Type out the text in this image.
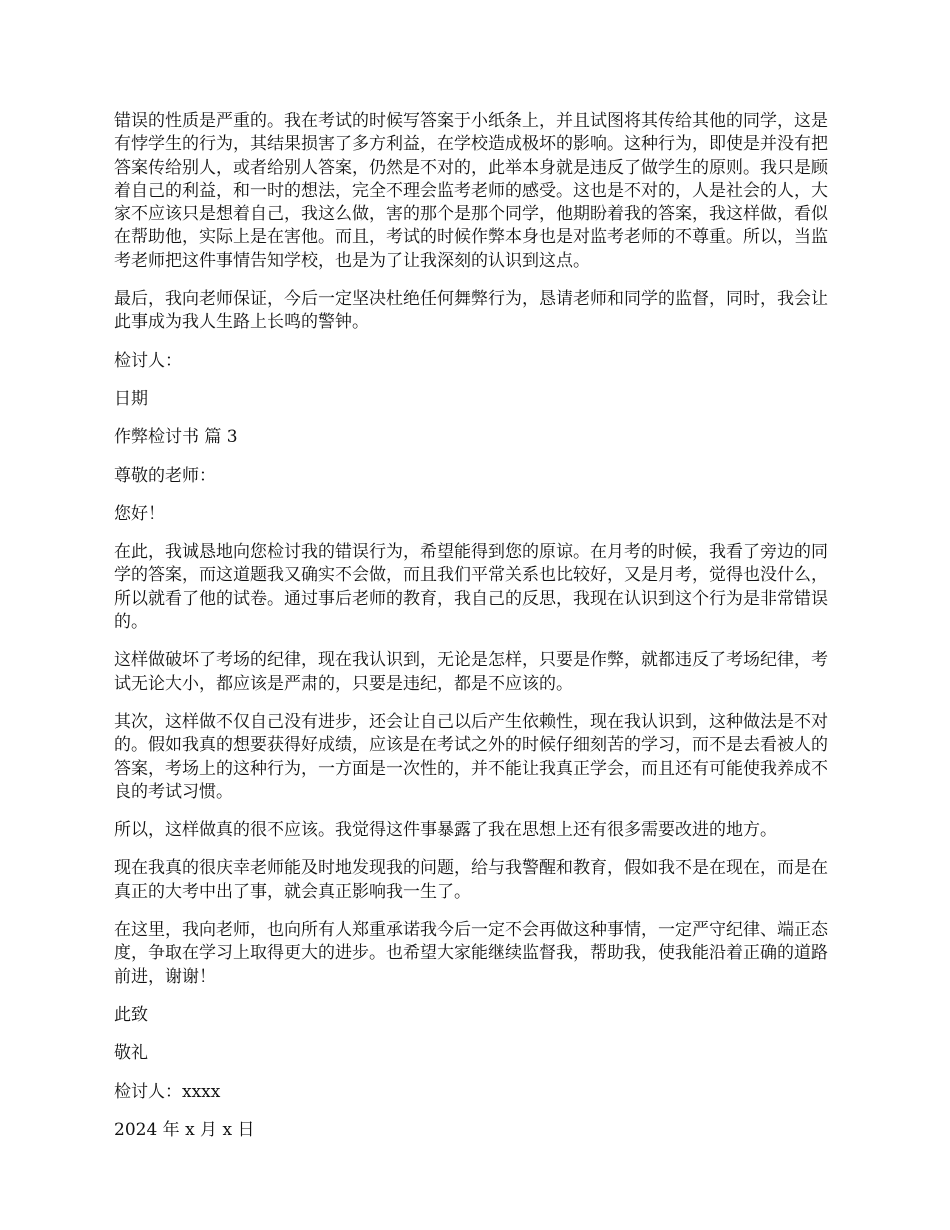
错误的性质是严重的。我在考试的时候写答案于小纸条上，并且试图将其传给其他的同学，这是有悖学生的行为，其结果损害了多方利益，在学校造成极坏的影响。这种行为，即使是并没有把答案传给别人，或者给别人答案，仍然是不对的，此举本身就是违反了做学生的原则。我只是顾着自己的利益，和一时的想法，完全不理会监考老师的感受。这也是不对的，人是社会的人，大家不应该只是想着自己，我这么做，害的那个是那个同学，他期盼着我的答案，我这样做，看似在帮助他，实际上是在害他。而且，考试的时候作弊本身也是对监考老师的不尊重。所以，当监考老师把这件事情告知学校，也是为了让我深刻的认识到这点。

最后，我向老师保证，今后一定坚决杜绝任何舞弊行为，恳请老师和同学的监督，同时，我会让此事成为我人生路上长鸣的警钟。

检讨人：

日期

作弊检讨书 篇 3

尊敬的老师：

您好！

在此，我诚恳地向您检讨我的错误行为，希望能得到您的原谅。在月考的时候，我看了旁边的同学的答案，而这道题我又确实不会做，而且我们平常关系也比较好，又是月考，觉得也没什么，所以就看了他的试卷。通过事后老师的教育，我自己的反思，我现在认识到这个行为是非常错误的。

这样做破坏了考场的纪律，现在我认识到，无论是怎样，只要是作弊，就都违反了考场纪律，考试无论大小，都应该是严肃的，只要是违纪，都是不应该的。

其次，这样做不仅自己没有进步，还会让自己以后产生依赖性，现在我认识到，这种做法是不对的。假如我真的想要获得好成绩，应该是在考试之外的时候仔细刻苦的学习，而不是去看被人的答案，考场上的这种行为，一方面是一次性的，并不能让我真正学会，而且还有可能使我养成不良的考试习惯。

所以，这样做真的很不应该。我觉得这件事暴露了我在思想上还有很多需要改进的地方。

现在我真的很庆幸老师能及时地发现我的问题，给与我警醒和教育，假如我不是在现在，而是在真正的大考中出了事，就会真正影响我一生了。

在这里，我向老师，也向所有人郑重承诺我今后一定不会再做这种事情，一定严守纪律、端正态度，争取在学习上取得更大的进步。也希望大家能继续监督我，帮助我，使我能沿着正确的道路前进，谢谢！

此致

敬礼

检讨人：xxxx

2024 年 x 月 x 日
